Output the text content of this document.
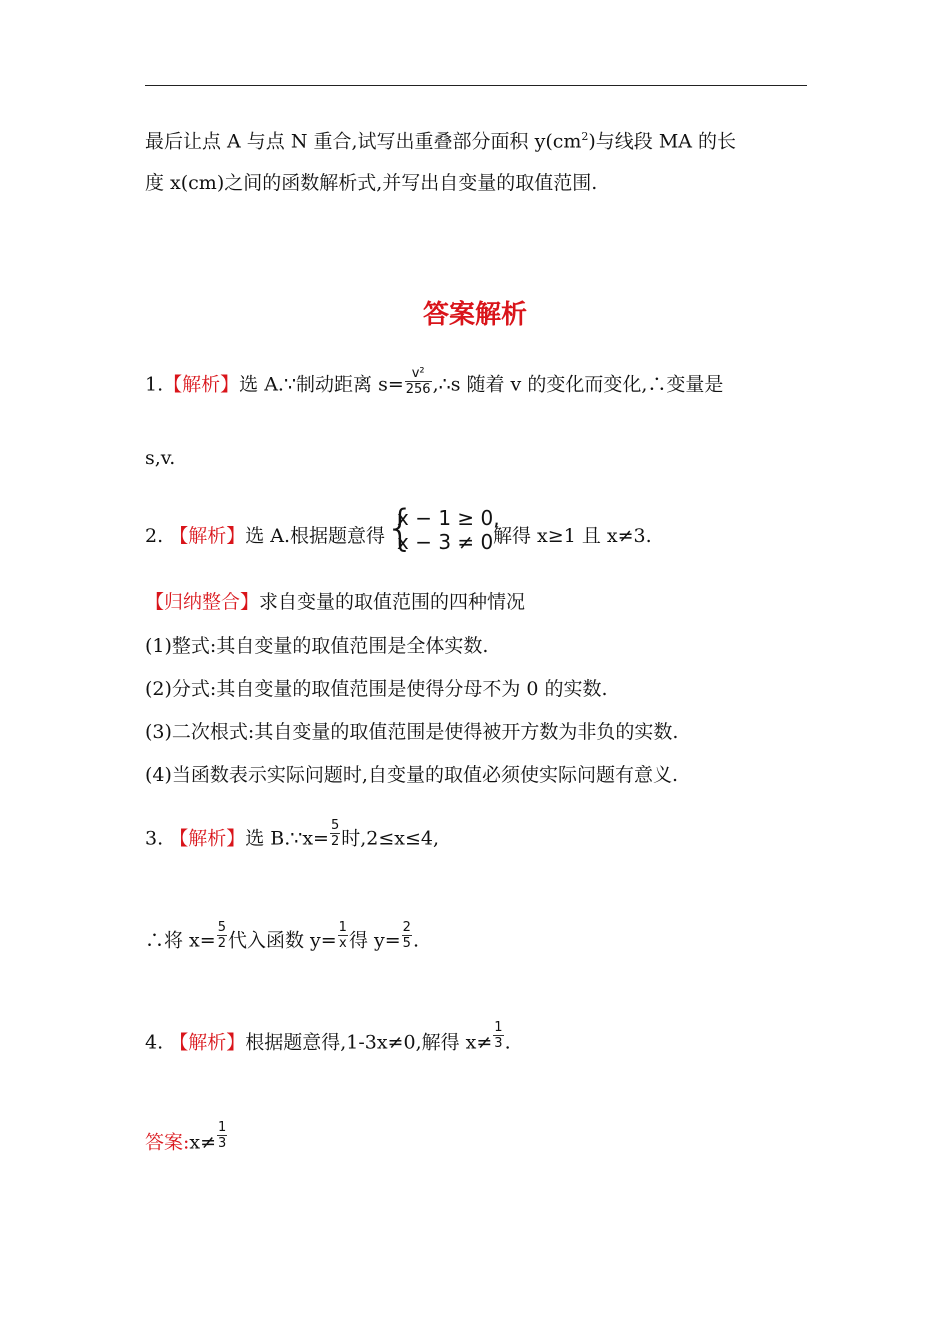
最后让点 A 与点 N 重合,试写出重叠部分面积 $y(cm^2)$与线段 MA 的长
度 x(cm)之间的函数解析式,并写出自变量的取值范围.
答案解析
1.【解析】选 A.∵制动距离 $s= \frac{\text{v²}}{256}$ ,∴s 随着 v 的变化而变化,∴变量是
s,v.
2. 【解析】选 A.根据题意得 {
x − 1 ≥ 0,
x − 3 ≠ 0 解得 x≥1 且 x≠3.
【归纳整合】求自变量的取值范围的四种情况
(1)整式:其自变量的取值范围是全体实数.
(2)分式:其自变量的取值范围是使得分母不为 0 的实数.
(3)二次根式:其自变量的取值范围是使得被开方数为非负的实数.
(4)当函数表示实际问题时,自变量的取值必须使实际问题有意义.
3. 【解析】选 B.∵x= $\frac{5}{2}$ 时,2≤x≤4,
∴将 $x= \frac{5}{2}$ 代入函数 $y= \frac{1}{x}$ 得 $y= \frac{2}{5}$ .
4. 【解析】根据题意得,1-3x≠0,解得 $x\ne \frac{1}{3}$ .
答案:x≠ $\frac{1}{3}$
